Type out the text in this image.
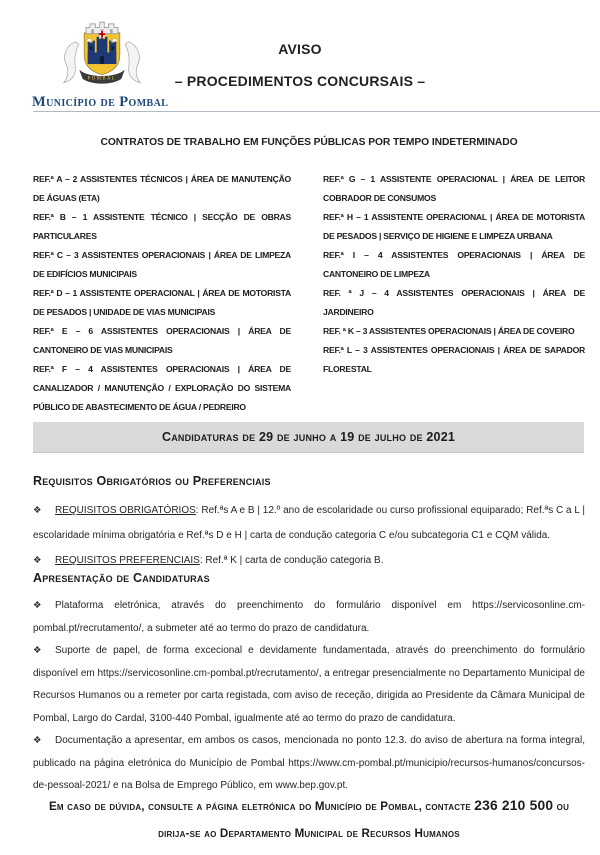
POMBAL
AVISO
– PROCEDIMENTOS CONCURSAIS –
Município de Pombal
CONTRATOS DE TRABALHO EM FUNÇÕES PÚBLICAS POR TEMPO INDETERMINADO
REF.ª A – 2 ASSISTENTES TÉCNICOS | ÁREA DE MANUTENÇÃO DE ÁGUAS (ETA)
REF.ª B – 1 ASSISTENTE TÉCNICO | SECÇÃO DE OBRAS PARTICULARES
REF.ª C – 3 ASSISTENTES OPERACIONAIS | ÁREA DE LIMPEZA DE EDIFÍCIOS MUNICIPAIS
REF.ª D – 1 ASSISTENTE OPERACIONAL | ÁREA DE MOTORISTA DE PESADOS | UNIDADE DE VIAS MUNICIPAIS
REF.ª E – 6 ASSISTENTES OPERACIONAIS | ÁREA DE CANTONEIRO DE VIAS MUNICIPAIS
REF.ª F – 4 ASSISTENTES OPERACIONAIS | ÁREA DE CANALIZADOR / MANUTENÇÃO / EXPLORAÇÃO DO SISTEMA PÚBLICO DE ABASTECIMENTO DE ÁGUA / PEDREIRO
REF.ª G – 1 ASSISTENTE OPERACIONAL | ÁREA DE LEITOR COBRADOR DE CONSUMOS
REF.ª H – 1 ASSISTENTE OPERACIONAL | ÁREA DE MOTORISTA DE PESADOS | SERVIÇO DE HIGIENE E LIMPEZA URBANA
REF.ª I – 4 ASSISTENTES OPERACIONAIS | ÁREA DE CANTONEIRO DE LIMPEZA
REF. ª J – 4 ASSISTENTES OPERACIONAIS | ÁREA DE JARDINEIRO
REF. ª K – 3 ASSISTENTES OPERACIONAIS | ÁREA DE COVEIRO
REF.ª L – 3 ASSISTENTES OPERACIONAIS | ÁREA DE SAPADOR FLORESTAL
Candidaturas de 29 de junho a 19 de julho de 2021
Requisitos Obrigatórios ou Preferenciais

❖ REQUISITOS OBRIGATÓRIOS: Ref.ªs A e B | 12.º ano de escolaridade ou curso profissional equiparado; Ref.ªs C a L | escolaridade mínima obrigatória e Ref.ªs D e H | carta de condução categoria C e/ou subcategoria C1 e CQM válida.

❖ REQUISITOS PREFERENCIAIS: Ref.ª K | carta de condução categoria B.

Apresentação de Candidaturas

❖ Plataforma eletrónica, através do preenchimento do formulário disponível em https://servicosonline.cm-pombal.pt/recrutamento/, a submeter até ao termo do prazo de candidatura.

❖ Suporte de papel, de forma excecional e devidamente fundamentada, através do preenchimento do formulário disponível em https://servicosonline.cm-pombal.pt/recrutamento/, a entregar presencialmente no Departamento Municipal de Recursos Humanos ou a remeter por carta registada, com aviso de receção, dirigida ao Presidente da Câmara Municipal de Pombal, Largo do Cardal, 3100-440 Pombal, igualmente até ao termo do prazo de candidatura.

❖ Documentação a apresentar, em ambos os casos, mencionada no ponto 12.3. do aviso de abertura na forma integral, publicado na página eletrónica do Município de Pombal https://www.cm-pombal.pt/municipio/recursos-humanos/concursos-de-pessoal-2021/ e na Bolsa de Emprego Público, em www.bep.gov.pt.

Em caso de dúvida, consulte a página eletrónica do Município de Pombal, contacte 236 210 500 ou dirija-se ao Departamento Municipal de Recursos Humanos
